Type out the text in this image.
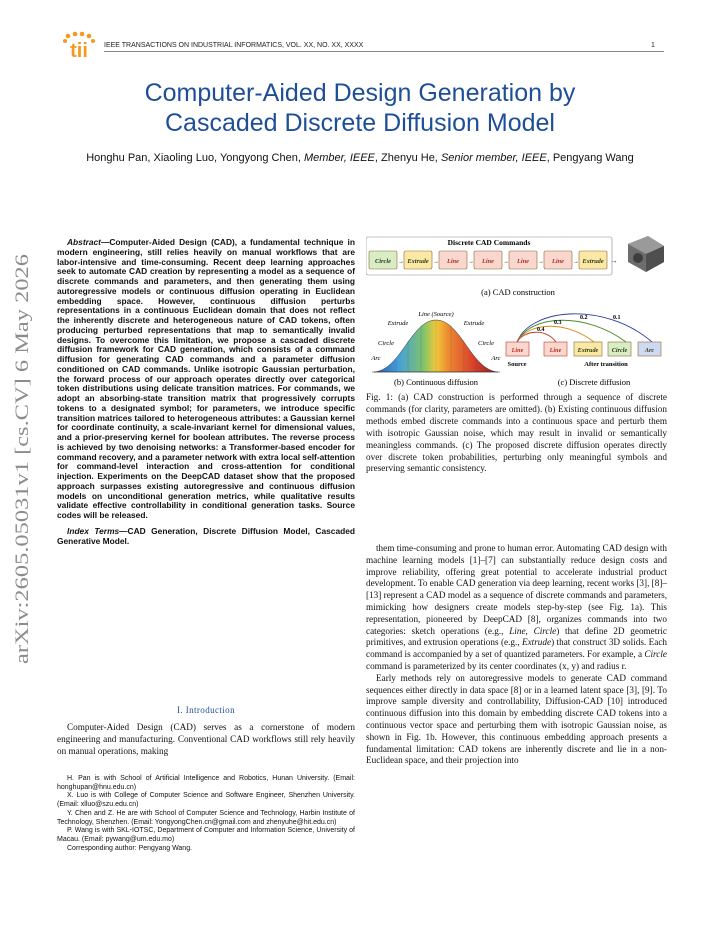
tii IEEE TRANSACTIONS ON INDUSTRIAL INFORMATICS, VOL. XX, NO. XX, XXXX	1
Computer-Aided Design Generation by
Cascaded Discrete Diffusion Model
Honghu Pan, Xiaoling Luo, Yongyong Chen, Member, IEEE, Zhenyu He, Senior member, IEEE, Pengyang Wang
arXiv:2605.05031v1 [cs.CV] 6 May 2026

Abstract—Computer-Aided Design (CAD), a fundamental technique in modern engineering, still relies heavily on manual workflows that are labor-intensive and time-consuming. Recent deep learning approaches seek to automate CAD creation by representing a model as a sequence of discrete commands and parameters, and then generating them using autoregressive models or continuous diffusion operating in Euclidean embedding space. However, continuous diffusion perturbs representations in a continuous Euclidean domain that does not reflect the inherently discrete and heterogeneous nature of CAD tokens, often producing perturbed representations that map to semantically invalid designs. To overcome this limitation, we propose a cascaded discrete diffusion framework for CAD generation, which consists of a command diffusion for generating CAD commands and a parameter diffusion conditioned on CAD commands. Unlike isotropic Gaussian perturbation, the forward process of our approach operates directly over categorical token distributions using delicate transition matrices. For commands, we adopt an absorbing-state transition matrix that progressively corrupts tokens to a designated symbol; for parameters, we introduce specific transition matrices tailored to heterogeneous attributes: a Gaussian kernel for coordinate continuity, a scale-invariant kernel for dimensional values, and a prior-preserving kernel for boolean attributes. The reverse process is achieved by two denoising networks: a Transformer-based encoder for command recovery, and a parameter network with extra local self-attention for command-level interaction and cross-attention for conditional injection. Experiments on the DeepCAD dataset show that the proposed approach surpasses existing autoregressive and continuous diffusion models on unconditional generation metrics, while qualitative results validate effective controllability in conditional generation tasks. Source codes will be released.

Index Terms—CAD Generation, Discrete Diffusion Model, Cascaded Generative Model.

I. Introduction

Computer-Aided Design (CAD) serves as a cornerstone of modern engineering and manufacturing. Conventional CAD workflows still rely heavily on manual operations, making

H. Pan is with School of Artificial Intelligence and Robotics, Hunan University. (Email: honghupan@hnu.edu.cn)

X. Luo is with College of Computer Science and Software Engineer, Shenzhen University. (Email: xlluo@szu.edu.cn)

Y. Chen and Z. He are with School of Computer Science and Technology, Harbin Institute of Technology, Shenzhen. (Email: YongyongChen.cn@gmail.com and zhenyuhe@hit.edu.cn)

P. Wang is with SKL-IOTSC, Department of Computer and Information Science, University of Macau. (Email: pywang@um.edu.mo)

Corresponding author: Pengyang Wang.

Discrete CAD Commands
Circle → Extrude → Line → Line → Line → Line → Extrude →
(a) CAD construction
Line (Source)
Extrude	Extrude
Circle	Circle
Arc	Arc
(b) Continuous diffusion
0.4
0.3
0.2	0.1
Line	Line	Extrude Circle	Arc
Source	After transition
(c) Discrete diffusion
Fig. 1: (a) CAD construction is performed through a sequence of discrete commands (for clarity, parameters are omitted). (b) Existing continuous diffusion methods embed discrete commands into a continuous space and perturb them with isotropic Gaussian noise, which may result in invalid or semantically meaningless commands. (c) The proposed discrete diffusion operates directly over discrete token probabilities, perturbing only meaningful symbols and preserving semantic consistency.

them time-consuming and prone to human error. Automating CAD design with machine learning models [1]–[7] can substantially reduce design costs and improve reliability, offering great potential to accelerate industrial product development. To enable CAD generation via deep learning, recent works [3], [8]–[13] represent a CAD model as a sequence of discrete commands and parameters, mimicking how designers create models step-by-step (see Fig. 1a). This representation, pioneered by DeepCAD [8], organizes commands into two categories: sketch operations (e.g., Line, Circle) that define 2D geometric primitives, and extrusion operations (e.g., Extrude) that construct 3D solids. Each command is accompanied by a set of quantized parameters. For example, a Circle command is parameterized by its center coordinates (x, y) and radius r.

Early methods rely on autoregressive models to generate CAD command sequences either directly in data space [8] or in a learned latent space [3], [9]. To improve sample diversity and controllability, Diffusion-CAD [10] introduced continuous diffusion into this domain by embedding discrete CAD tokens into a continuous vector space and perturbing them with isotropic Gaussian noise, as shown in Fig. 1b. However, this continuous embedding approach presents a fundamental limitation: CAD tokens are inherently discrete and lie in a non-Euclidean space, and their projection into
